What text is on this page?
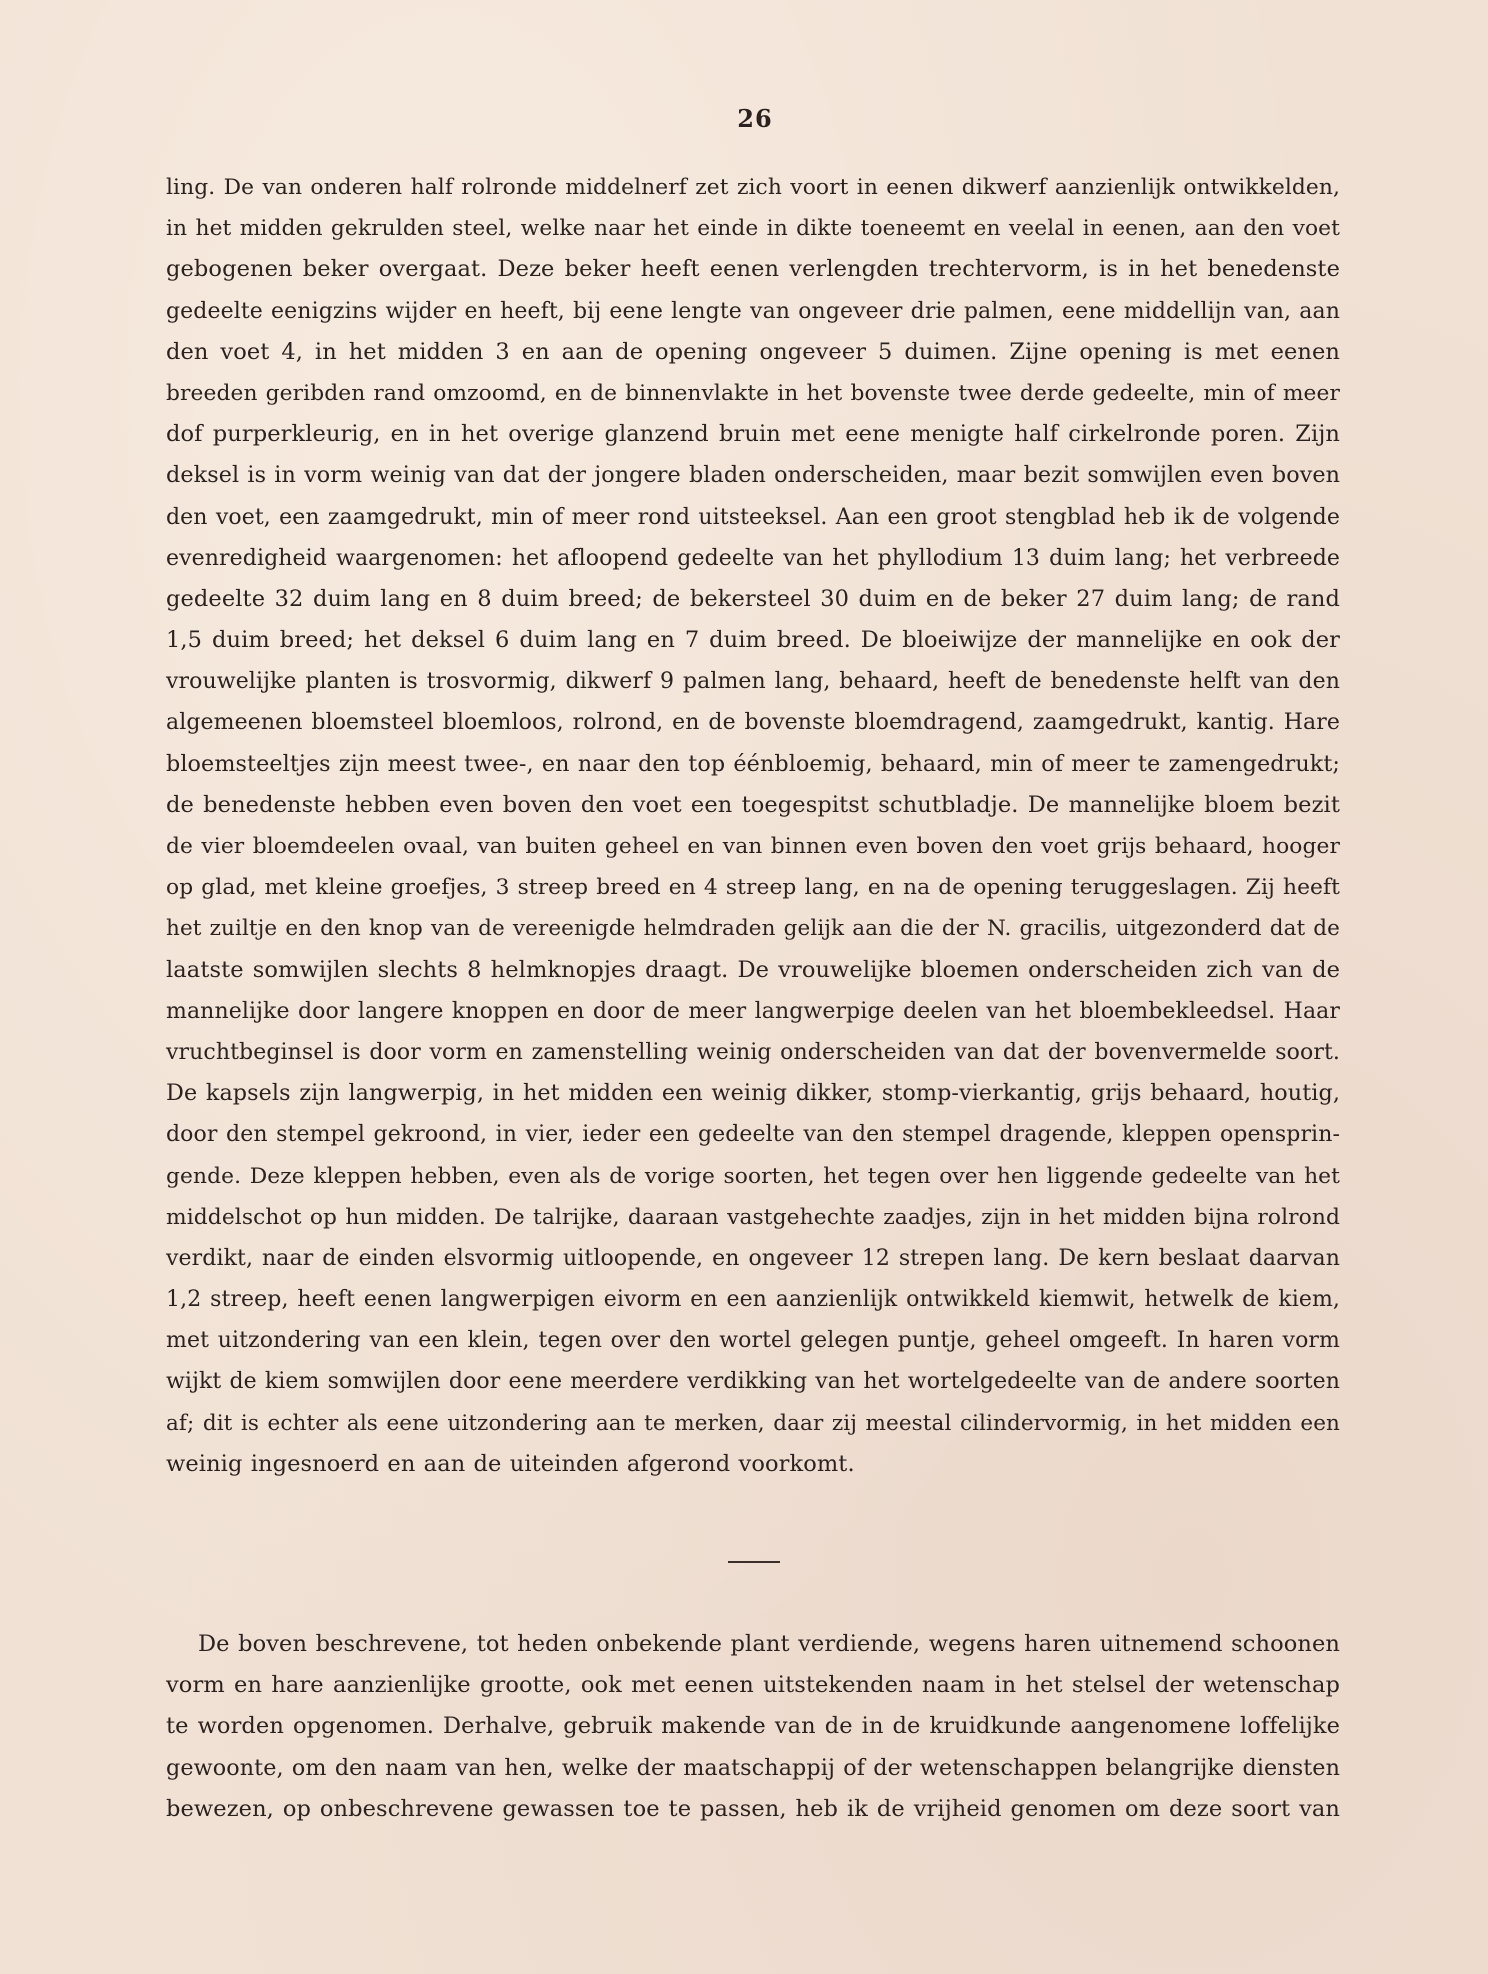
26
ling. De van onderen half rolronde middelnerf zet zich voort in eenen dikwerf aanzienlijk ontwikkelden,
in het midden gekrulden steel, welke naar het einde in dikte toeneemt en veelal in eenen, aan den voet
gebogenen beker overgaat. Deze beker heeft eenen verlengden trechtervorm, is in het benedenste
gedeelte eenigzins wijder en heeft, bij eene lengte van ongeveer drie palmen, eene middellijn van, aan
den voet 4, in het midden 3 en aan de opening ongeveer 5 duimen. Zijne opening is met eenen
breeden geribden rand omzoomd, en de binnenvlakte in het bovenste twee derde gedeelte, min of meer
dof purperkleurig, en in het overige glanzend bruin met eene menigte half cirkelronde poren. Zijn
deksel is in vorm weinig van dat der jongere bladen onderscheiden, maar bezit somwijlen even boven
den voet, een zaamgedrukt, min of meer rond uitsteeksel. Aan een groot stengblad heb ik de volgende
evenredigheid waargenomen: het afloopend gedeelte van het phyllodium 13 duim lang; het verbreede
gedeelte 32 duim lang en 8 duim breed; de bekersteel 30 duim en de beker 27 duim lang; de rand
1,5 duim breed; het deksel 6 duim lang en 7 duim breed. De bloeiwijze der mannelijke en ook der
vrouwelijke planten is trosvormig, dikwerf 9 palmen lang, behaard, heeft de benedenste helft van den
algemeenen bloemsteel bloemloos, rolrond, en de bovenste bloemdragend, zaamgedrukt, kantig. Hare
bloemsteeltjes zijn meest twee-, en naar den top éénbloemig, behaard, min of meer te zamengedrukt;
de benedenste hebben even boven den voet een toegespitst schutbladje. De mannelijke bloem bezit
de vier bloemdeelen ovaal, van buiten geheel en van binnen even boven den voet grijs behaard, hooger
op glad, met kleine groefjes, 3 streep breed en 4 streep lang, en na de opening teruggeslagen. Zij heeft
het zuiltje en den knop van de vereenigde helmdraden gelijk aan die der N. gracilis, uitgezonderd dat de
laatste somwijlen slechts 8 helmknopjes draagt. De vrouwelijke bloemen onderscheiden zich van de
mannelijke door langere knoppen en door de meer langwerpige deelen van het bloembekleedsel. Haar
vruchtbeginsel is door vorm en zamenstelling weinig onderscheiden van dat der bovenvermelde soort.
De kapsels zijn langwerpig, in het midden een weinig dikker, stomp-vierkantig, grijs behaard, houtig,
door den stempel gekroond, in vier, ieder een gedeelte van den stempel dragende, kleppen opensprin-
gende. Deze kleppen hebben, even als de vorige soorten, het tegen over hen liggende gedeelte van het
middelschot op hun midden. De talrijke, daaraan vastgehechte zaadjes, zijn in het midden bijna rolrond
verdikt, naar de einden elsvormig uitloopende, en ongeveer 12 strepen lang. De kern beslaat daarvan
1,2 streep, heeft eenen langwerpigen eivorm en een aanzienlijk ontwikkeld kiemwit, hetwelk de kiem,
met uitzondering van een klein, tegen over den wortel gelegen puntje, geheel omgeeft. In haren vorm
wijkt de kiem somwijlen door eene meerdere verdikking van het wortelgedeelte van de andere soorten
af; dit is echter als eene uitzondering aan te merken, daar zij meestal cilindervormig, in het midden een
weinig ingesnoerd en aan de uiteinden afgerond voorkomt.
De boven beschrevene, tot heden onbekende plant verdiende, wegens haren uitnemend schoonen
vorm en hare aanzienlijke grootte, ook met eenen uitstekenden naam in het stelsel der wetenschap
te worden opgenomen. Derhalve, gebruik makende van de in de kruidkunde aangenomene loffelijke
gewoonte, om den naam van hen, welke der maatschappij of der wetenschappen belangrijke diensten
bewezen, op onbeschrevene gewassen toe te passen, heb ik de vrijheid genomen om deze soort van
